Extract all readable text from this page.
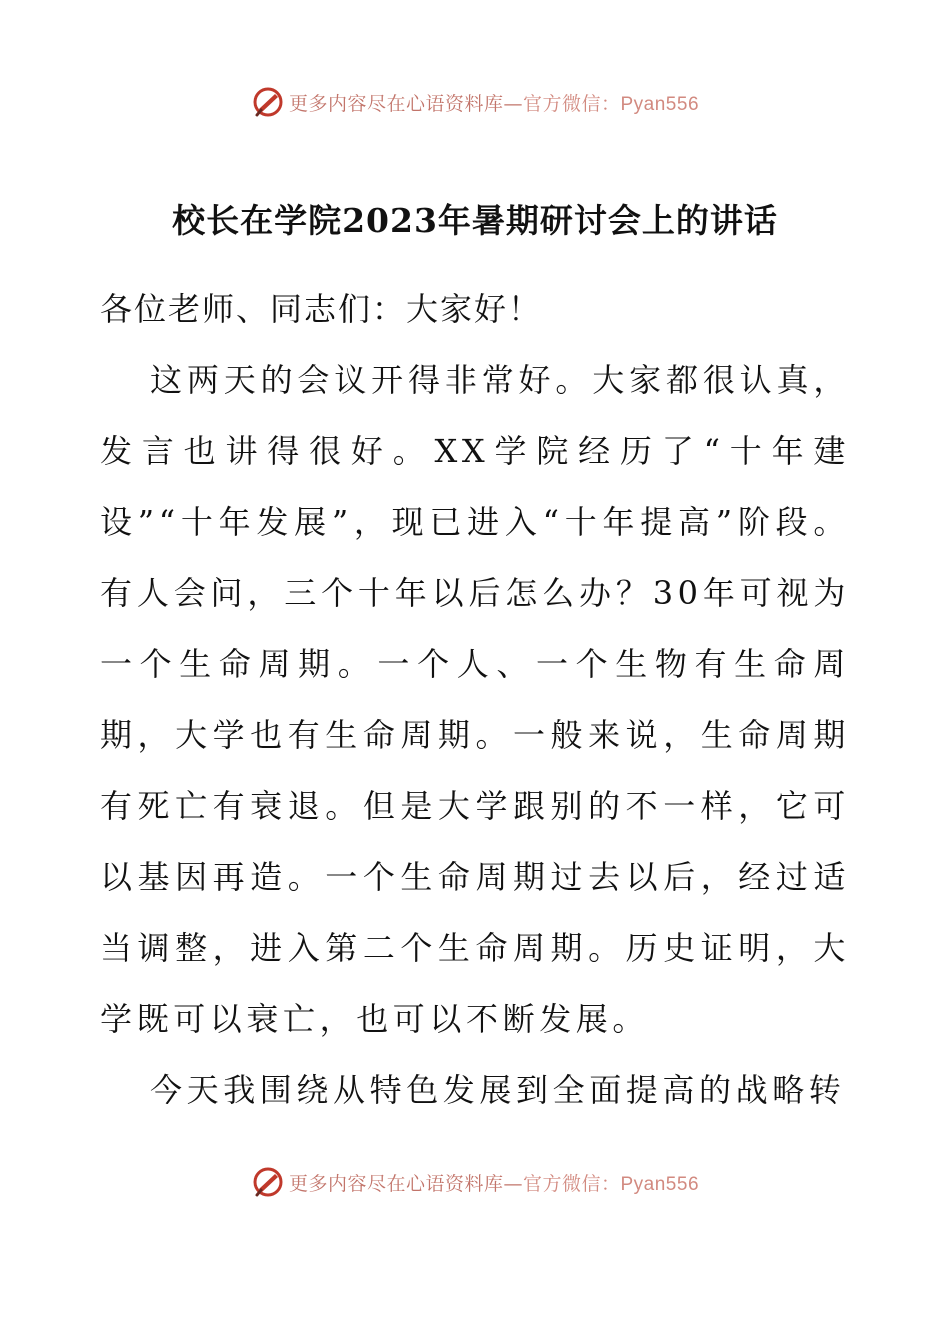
更多内容尽在心语资料库—官方微信：Pyan556
校长在学院2023年暑期研讨会上的讲话

各位老师、同志们：大家好！

这两天的会议开得非常好。大家都很认真，发言也讲得很好。XX学院经历了“十年建设”“十年发展”，现已进入“十年提高”阶段。有人会问，三个十年以后怎么办？30年可视为一个生命周期。一个人、一个生物有生命周期，大学也有生命周期。一般来说，生命周期有死亡有衰退。但是大学跟别的不一样，它可以基因再造。一个生命周期过去以后，经过适当调整，进入第二个生命周期。历史证明，大学既可以衰亡，也可以不断发展。

今天我围绕从特色发展到全面提高的战略转

更多内容尽在心语资料库—官方微信：Pyan556
